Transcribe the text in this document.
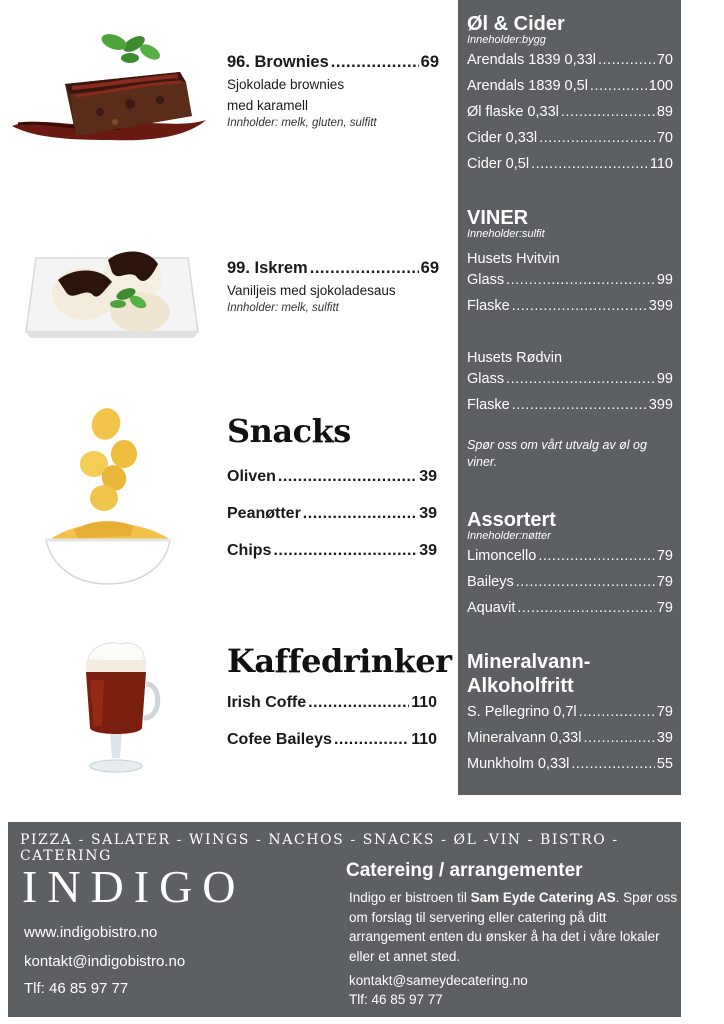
96. Brownies .....	69
Sjokolade brownies
med karamell
Innholder: melk, gluten, sulfitt
99. Iskrem .....	69
Vaniljeis med sjokoladesaus
Innholder: melk, sulfitt
Snacks
Oliven .....	39
Peanøtter .....	39
Chips .....	39
Kaffedrinker
Irish Coffe .....	110
Cofee Baileys .....	110
Øl & Cider
Inneholder:bygg
Arendals 1839 0,33l .....	70
Arendals 1839 0,5l .....	100
Øl flaske 0,33l .....	89
Cider 0,33l .....	70
Cider 0,5l .....	110
VINER
Inneholder:sulfit
Husets Hvitvin
Glass .....	99
Flaske .....	399
Husets Rødvin
Glass .....	99
Flaske .....	399
Spør oss om vårt utvalg av øl og viner.
Assortert
Inneholder:nøtter
Limoncello .....	79
Baileys .....	79
Aquavit .....	79
Mineralvann-
Alkoholfritt
S. Pellegrino 0,7l .....	79
Mineralvann 0,33l .....	39
Munkholm 0,33l .....	55
PIZZA - SALATER - WINGS - NACHOS - SNACKS - ØL -VIN - BISTRO - CATERING
INDIGO
www.indigobistro.no
kontakt@indigobistro.no
Tlf: 46 85 97 77
Catereing / arrangementer
Indigo er bistroen til Sam Eyde Catering AS. Spør oss om forslag til servering eller catering på ditt arrangement enten du ønsker å ha det i våre lokaler eller et annet sted.
kontakt@sameydecatering.no
Tlf: 46 85 97 77
